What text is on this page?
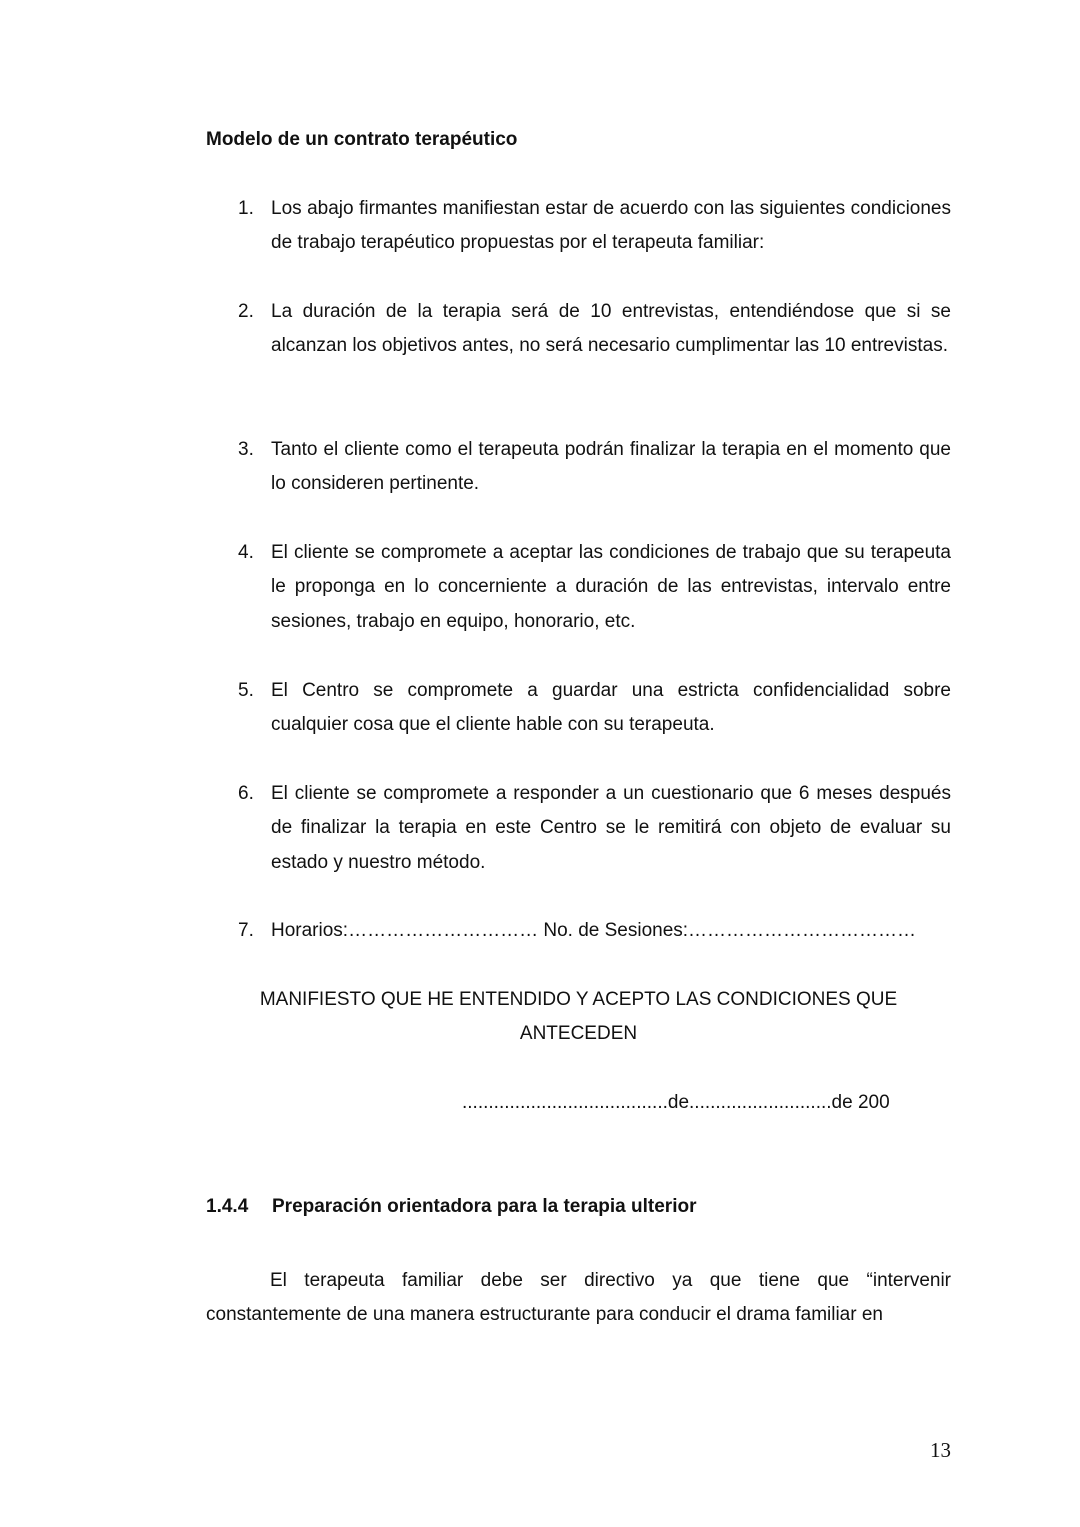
Modelo de un contrato terapéutico
1. Los abajo firmantes manifiestan estar de acuerdo con las siguientes condiciones de trabajo terapéutico propuestas por el terapeuta familiar:
2. La duración de la terapia será de 10 entrevistas, entendiéndose que si se alcanzan los objetivos antes, no será necesario cumplimentar las 10 entrevistas.
3. Tanto el cliente como el terapeuta podrán finalizar la terapia en el momento que lo consideren pertinente.
4. El cliente se compromete a aceptar las condiciones de trabajo que su terapeuta le proponga en lo concerniente a duración de las entrevistas, intervalo entre sesiones, trabajo en equipo, honorario, etc.
5. El Centro se compromete a guardar una estricta confidencialidad sobre cualquier cosa que el cliente hable con su terapeuta.
6. El cliente se compromete a responder a un cuestionario que 6 meses después de finalizar la terapia en este Centro se le remitirá con objeto de evaluar su estado y nuestro método.
7. Horarios:………………………… No. de Sesiones:………………………………
MANIFIESTO QUE HE ENTENDIDO Y ACEPTO LAS CONDICIONES QUE
ANTECEDEN
.......................................de...........................de 200
1.4.4 Preparación orientadora para la terapia ulterior
El terapeuta familiar debe ser directivo ya que tiene que “intervenir constantemente de una manera estructurante para conducir el drama familiar en
13
